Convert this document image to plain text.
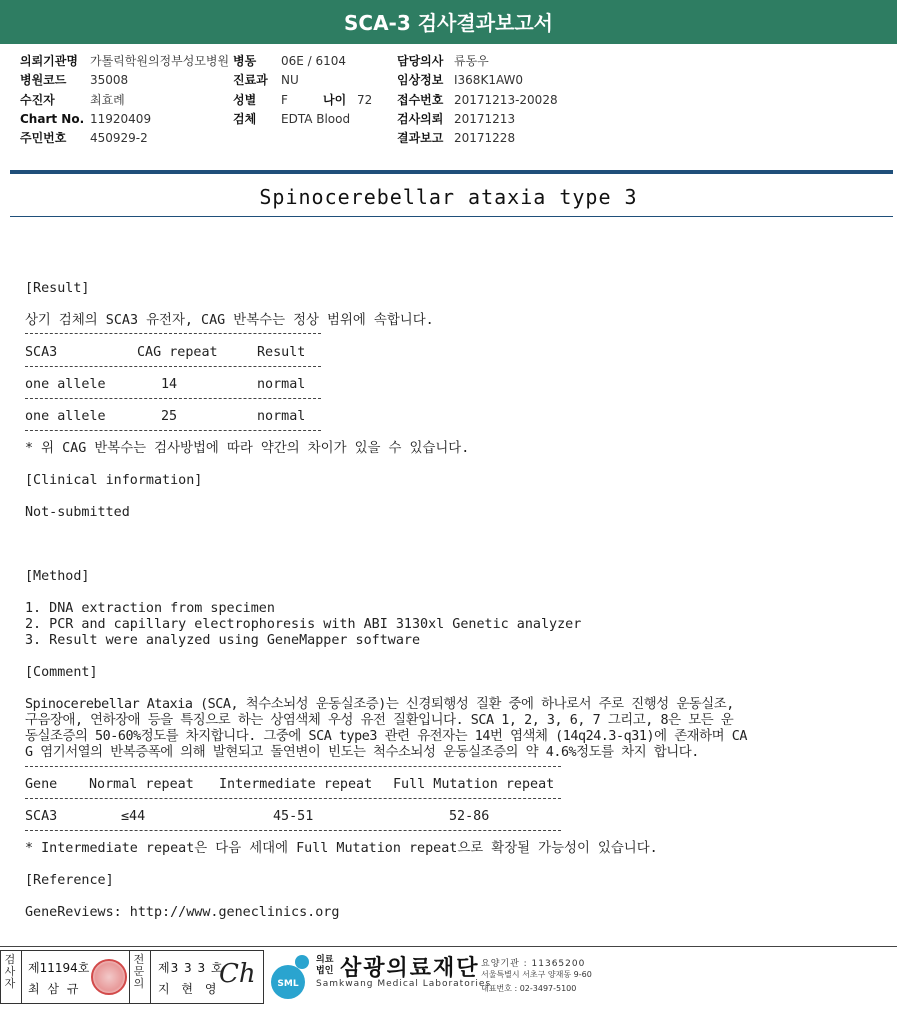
SCA-3 검사결과보고서
의뢰기관명	가톨릭학원의정부성모병원
병원코드	35008
수진자	최효례
Chart No. 11920409
주민번호	450929-2
병동	06E / 6104
진료과	NU
성별	F	나이 72
검체	EDTA Blood
담당의사 류동우
임상정보 I368K1AW0
접수번호 20171213-20028
검사의뢰 20171213
결과보고 20171228
Spinocerebellar ataxia type 3
[Result]
상기 검체의 SCA3 유전자, CAG 반복수는 정상 범위에 속합니다.
SCA3	CAG repeat	Result
one allele	14	normal
one allele	25	normal
* 위 CAG 반복수는 검사방법에 따라 약간의 차이가 있을 수 있습니다.
[Clinical information]
Not-submitted
[Method]
1. DNA extraction from specimen
2. PCR and capillary electrophoresis with ABI 3130xl Genetic analyzer
3. Result were analyzed using GeneMapper software
[Comment]
Spinocerebellar Ataxia (SCA, 척수소뇌성 운동실조증)는 신경퇴행성 질환 중에 하나로서 주로 진행성 운동실조,
구음장애, 연하장애 등을 특징으로 하는 상염색체 우성 유전 질환입니다. SCA 1, 2, 3, 6, 7 그리고, 8은 모든 운
동실조증의 50-60%정도를 차지합니다. 그중에 SCA type3 관련 유전자는 14번 염색체 (14q24.3-q31)에 존재하며 CA
G 염기서열의 반복증폭에 의해 발현되고 돌연변이 빈도는 척수소뇌성 운동실조증의 약 4.6%정도를 차지 합니다.
Gene Normal repeat Intermediate repeat Full Mutation repeat
SCA3	≤44	45-51	52-86
* Intermediate repeat은 다음 세대에 Full Mutation repeat으로 확장될 가능성이 있습니다.
[Reference]
GeneReviews: http://www.geneclinics.org
검사자
제11194호
최 삼 규
전문의
제3 3 3 호
지 현 영
Ch SML
의료
법인 삼광의료재단
Samkwang Medical Laboratories
요양기관 : 11365200
서울특별시 서초구 양재동 9-60
대표번호 : 02-3497-5100
